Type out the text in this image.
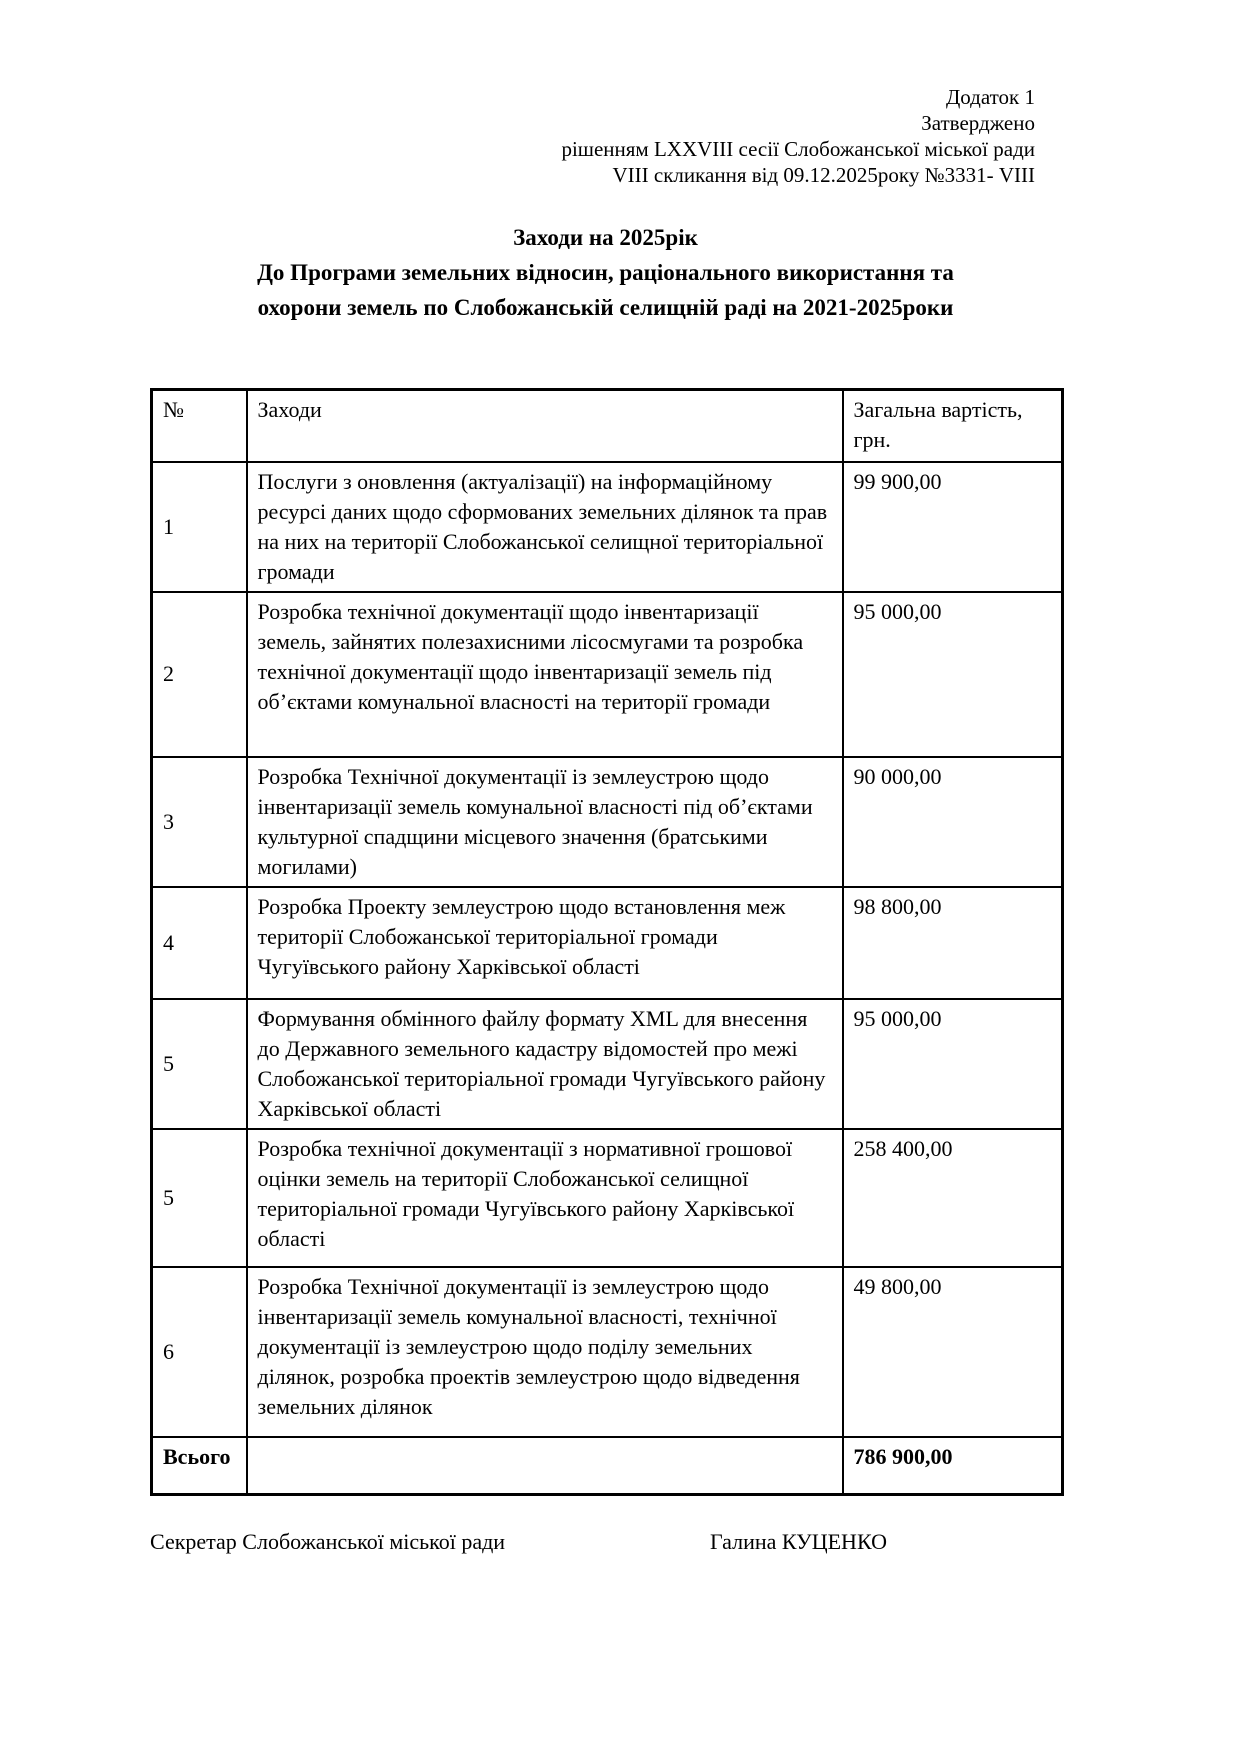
Додаток 1
Затверджено
рішенням LXXVIII сесії Слобожанської міської ради
VIII скликання від 09.12.2025року №3331- VIII
Заходи на 2025рік
До Програми земельних відносин, раціонального використання та
охорони земель по Слобожанській селищній раді на 2021-2025роки
№	Заходи	Загальна вартість, грн.
1	Послуги з оновлення (актуалізації) на інформаційному ресурсі даних щодо сформованих земельних ділянок та прав на них на території Слобожанської селищної територіальної громади	99 900,00
2	Розробка технічної документації щодо інвентаризації земель, зайнятих полезахисними лісосмугами та розробка технічної документації щодо інвентаризації земель під об’єктами комунальної власності на території громади	95 000,00
3	Розробка Технічної документації із землеустрою щодо інвентаризації земель комунальної власності під об’єктами культурної спадщини місцевого значення (братськими могилами)	90 000,00
4	Розробка Проекту землеустрою щодо встановлення меж території Слобожанської територіальної громади Чугуївського району Харківської області	98 800,00
5	Формування обмінного файлу формату XML для внесення до Державного земельного кадастру відомостей про межі Слобожанської територіальної громади Чугуївського району Харківської області	95 000,00
5	Розробка технічної документації з нормативної грошової оцінки земель на території Слобожанської селищної територіальної громади Чугуївського району Харківської області	258 400,00
6	Розробка Технічної документації із землеустрою щодо інвентаризації земель комунальної власності, технічної документації із землеустрою щодо поділу земельних ділянок, розробка проектів землеустрою щодо відведення земельних ділянок	49 800,00
Всього		786 900,00
Секретар Слобожанської міської ради	Галина КУЦЕНКО
